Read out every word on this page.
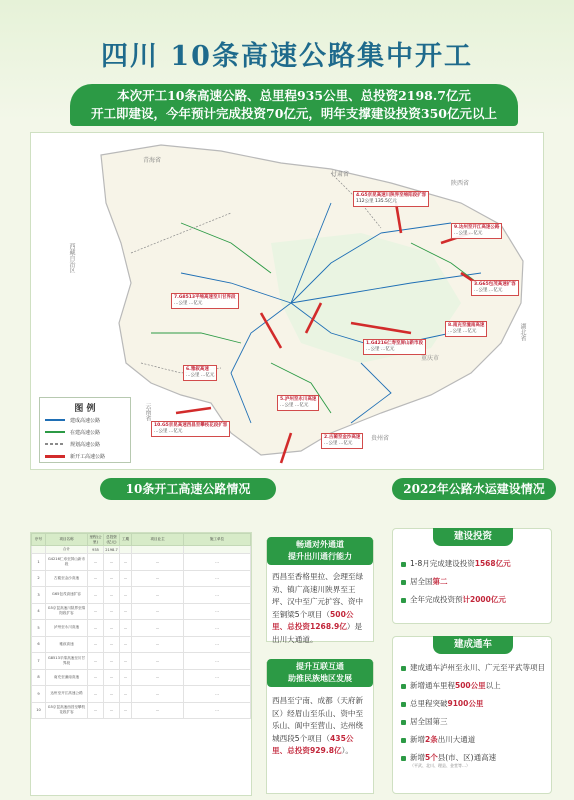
四川 10条高速公路集中开工
本次开工10条高速公路、总里程935公里、总投资2198.7亿元
开工即建设，今年预计完成投资70亿元，明年支撑建设投资350亿元以上
青海省
甘肃省
陕西省
西藏自治区
重庆市
湖北省
云南省
贵州省
4.G5京昆高速川陕界至绵阳段扩容
112公里 135.5亿元
7.G8513平绵高速至川甘界段
…公里 …亿元
3.G65包茂高速扩容
…公里 …亿元
9.达州至开江高速公路
…公里 …亿元
1.G4216仁寿至屏山新市段
…公里 …亿元
8.南充至潼南高速
…公里 …亿元
6.雅叙高速
…公里 …亿元
10.G5京昆高速西昌至攀枝花段扩容
…公里 …亿元
5.泸州至永川高速
…公里 …亿元
2.古蔺至金沙高速
…公里 …亿元
图 例
建成高速公路
在建高速公路
规划高速公路
新开工高速公路
10条开工高速公路情况	2022年公路水运建设情况
序号	项目名称	里程(公里)	总投资(亿元)	工期	项目业主	施工单位
	合计	935	2198.7			
1	G4216仁寿至屏山新市段	…	…	…	…	…
2	古蔺至金沙高速	…	…	…	…	…
3	G65包茂高速扩容	…	…	…	…	…
4	G5京昆高速川陕界至绵阳段扩容	…	…	…	…	…
5	泸州至永川高速	…	…	…	…	…
6	雅叙高速	…	…	…	…	…
7	G8513平绵高速至川甘界段	…	…	…	…	…
8	南充至潼南高速	…	…	…	…	…
9	达州至开江高速公路	…	…	…	…	…
10	G5京昆高速西昌至攀枝花段扩容	…	…	…	…	…
畅通对外通道
提升出川通行能力
西昌至香格里拉、会理至绿劝、镇广高速川陕界至王坪、汉中至广元扩容、资中至铜梁5个项目（500公里、总投资1268.9亿）是出川大通道。
提升互联互通
助推民族地区发展
西昌至宁南、成都（天府新区）经眉山至乐山、资中至乐山、阆中至营山、达州绕城西段5个项目（435公里、总投资929.8亿）。
建设投资
1-8月完成建设投资1568亿元
居全国第二
全年完成投资预计2000亿元
建成通车
建成通车泸州至永川、广元至平武等项目
新增通车里程500公里以上
总里程突破9100公里
居全国第三
新增2条出川大通道
新增5个县(市、区)通高速
（平武、北川、理县、金堂等…）
